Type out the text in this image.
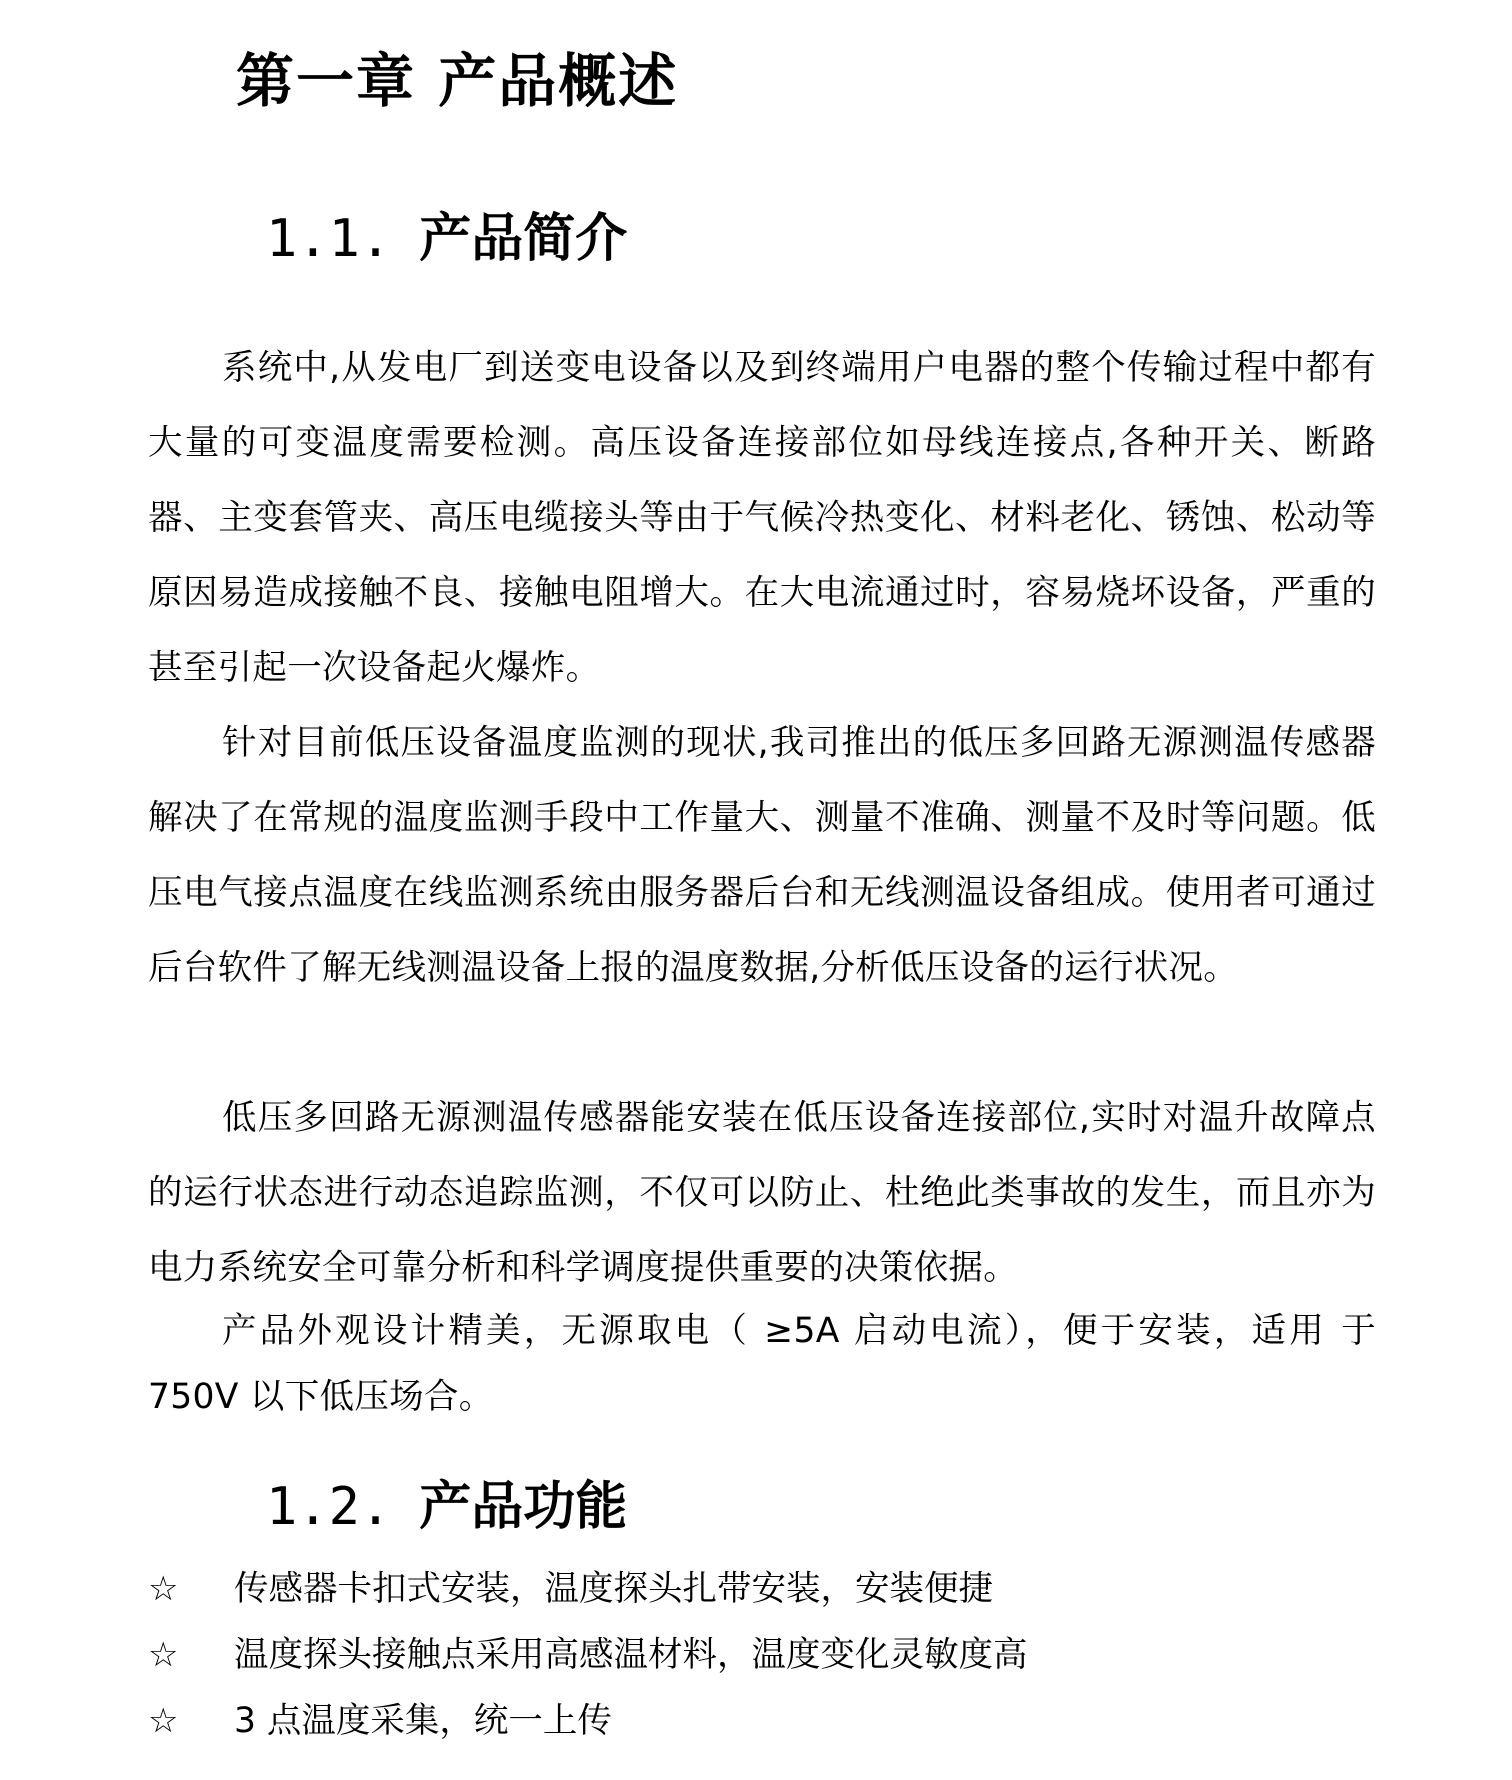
第一章 产品概述
1.1. 产品简介

系统中,从发电厂到送变电设备以及到终端用户电器的整个传输过程中都有大量的可变温度需要检测。高压设备连接部位如母线连接点,各种开关、断路器、主变套管夹、高压电缆接头等由于气候冷热变化、材料老化、锈蚀、松动等原因易造成接触不良、接触电阻增大。在大电流通过时，容易烧坏设备，严重的甚至引起一次设备起火爆炸。

针对目前低压设备温度监测的现状,我司推出的低压多回路无源测温传感器解决了在常规的温度监测手段中工作量大、测量不准确、测量不及时等问题。低压电气接点温度在线监测系统由服务器后台和无线测温设备组成。使用者可通过后台软件了解无线测温设备上报的温度数据,分析低压设备的运行状况。

低压多回路无源测温传感器能安装在低压设备连接部位,实时对温升故障点的运行状态进行动态追踪监测，不仅可以防止、杜绝此类事故的发生，而且亦为电力系统安全可靠分析和科学调度提供重要的决策依据。

产品外观设计精美，无源取电（ ≥5A 启动电流），便于安装，适用 于750V 以下低压场合。

1.2. 产品功能
☆	传感器卡扣式安装，温度探头扎带安装，安装便捷
☆	温度探头接触点采用高感温材料，温度变化灵敏度高
☆	3 点温度采集，统一上传
